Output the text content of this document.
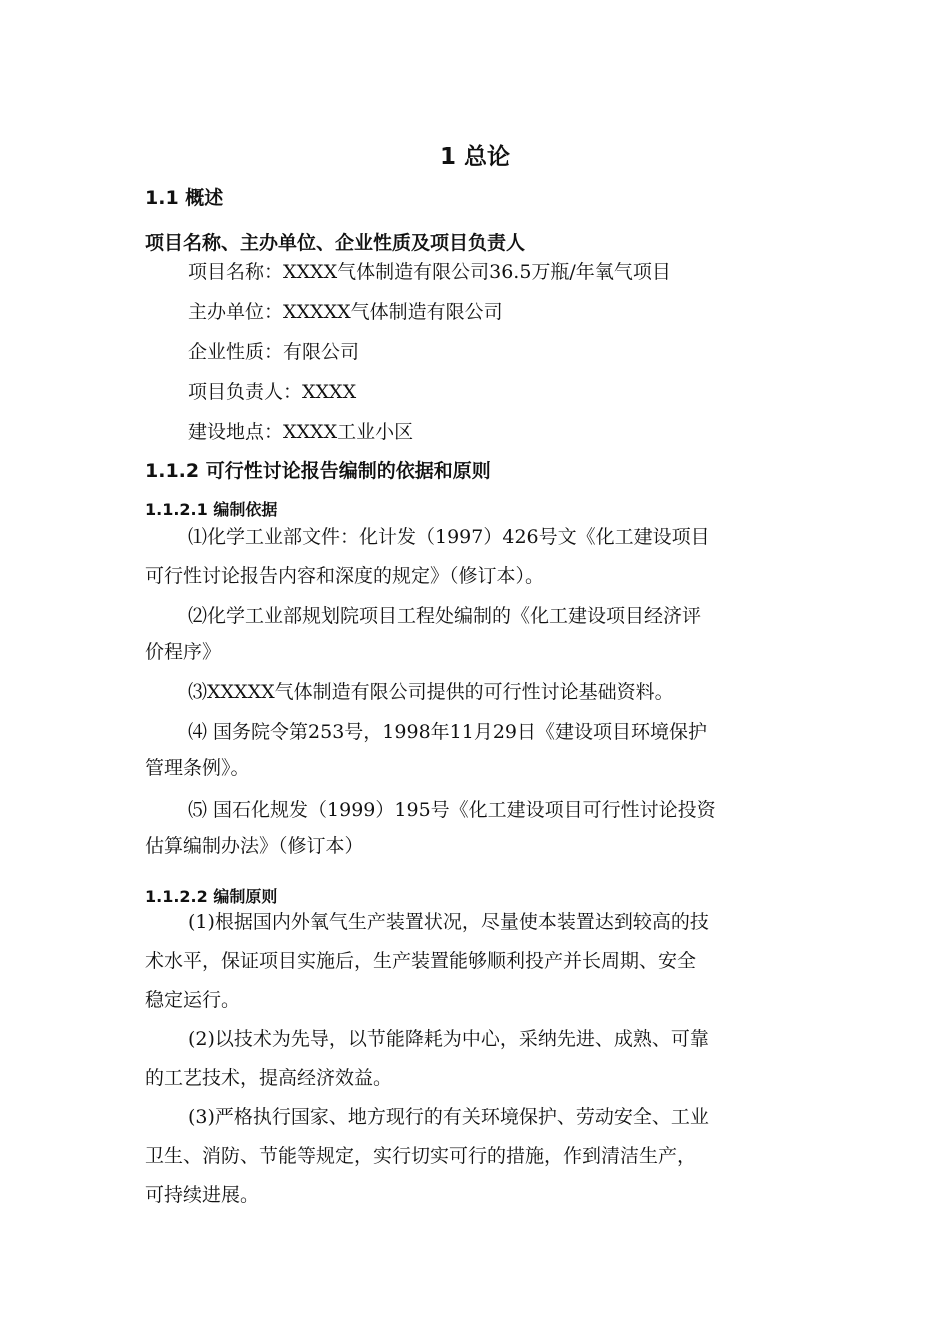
1 总论
1.1 概述
项目名称、主办单位、企业性质及项目负责人
项目名称：XXXX气体制造有限公司36.5万瓶/年氧气项目
主办单位：XXXXX气体制造有限公司
企业性质：有限公司
项目负责人：XXXX
建设地点：XXXX工业小区
1.1.2 可行性讨论报告编制的依据和原则
1.1.2.1 编制依据
⑴化学工业部文件：化计发（1997）426号文《化工建设项目
可行性讨论报告内容和深度的规定》（修订本）。
⑵化学工业部规划院项目工程处编制的《化工建设项目经济评
价程序》
⑶XXXXX气体制造有限公司提供的可行性讨论基础资料。
⑷ 国务院令第253号，1998年11月29日《建设项目环境保护
管理条例》。
⑸ 国石化规发（1999）195号《化工建设项目可行性讨论投资
估算编制办法》（修订本）
1.1.2.2 编制原则
(1)根据国内外氧气生产装置状况，尽量使本装置达到较高的技
术水平，保证项目实施后，生产装置能够顺利投产并长周期、安全
稳定运行。
(2)以技术为先导，以节能降耗为中心，采纳先进、成熟、可靠
的工艺技术，提高经济效益。
(3)严格执行国家、地方现行的有关环境保护、劳动安全、工业
卫生、消防、节能等规定，实行切实可行的措施，作到清洁生产，
可持续进展。
